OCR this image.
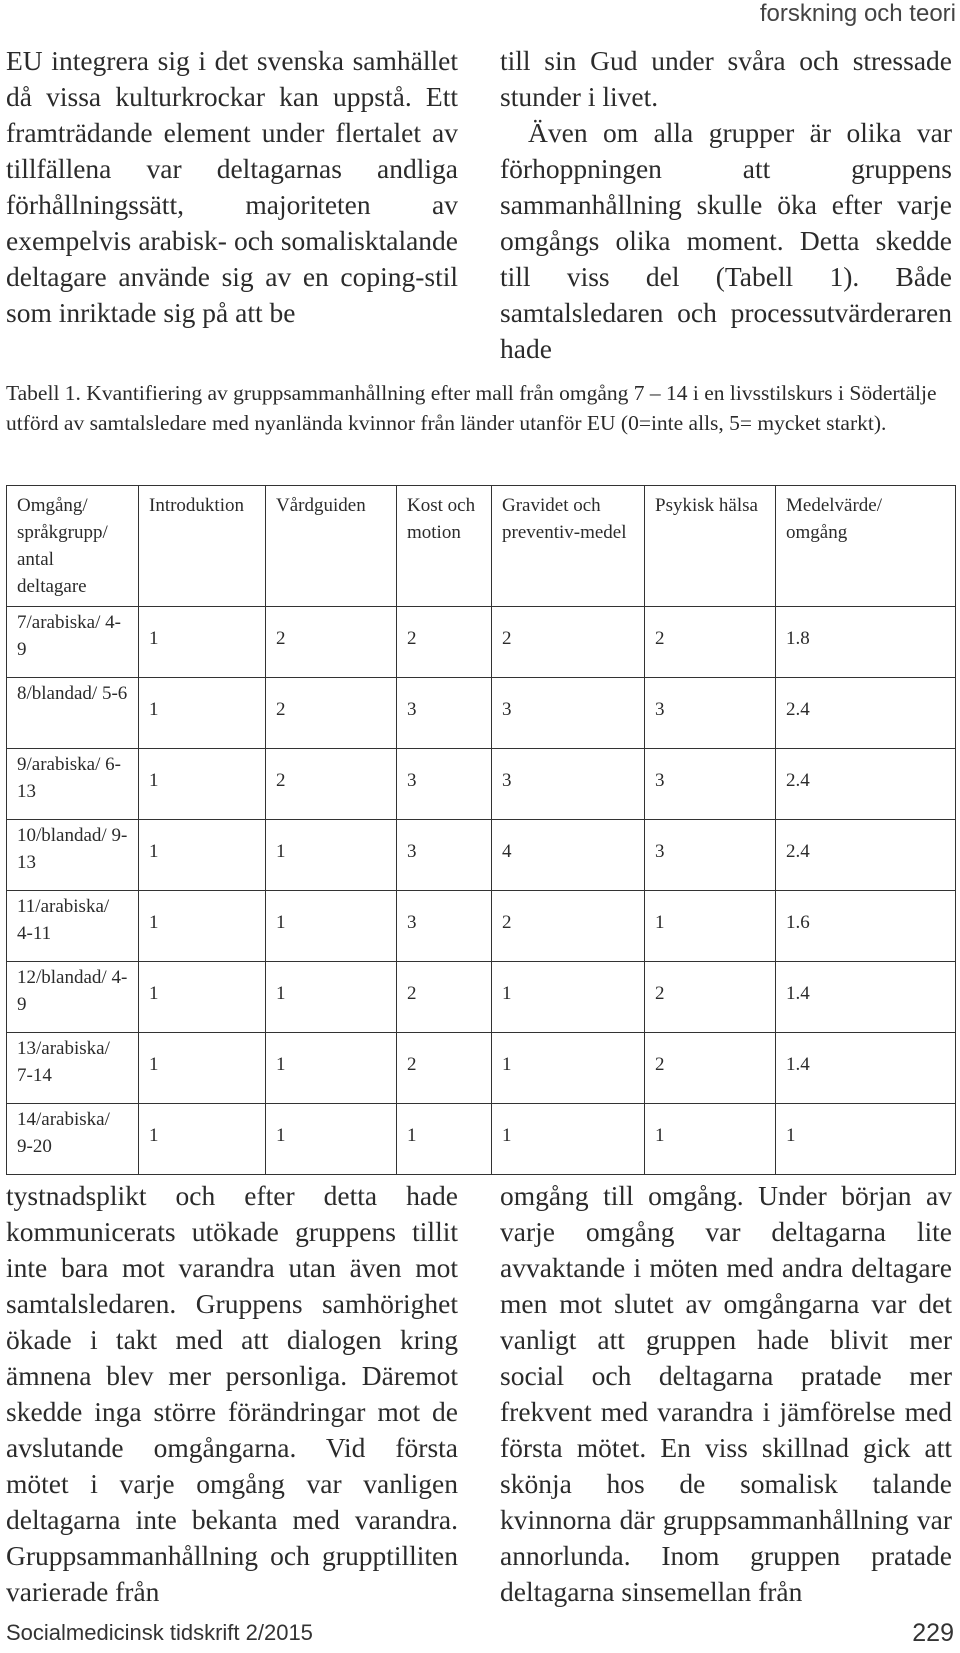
forskning och teori

EU integrera sig i det svenska samhället då vissa kulturkrockar kan uppstå. Ett framträdande element under flertalet av tillfällena var deltagarnas andliga förhållningssätt, majoriteten av exempelvis arabisk- och somalisktalande deltagare använde sig av en coping-stil som inriktade sig på att be

till sin Gud under svåra och stressade stunder i livet.

Även om alla grupper är olika var förhoppningen att gruppens sammanhållning skulle öka efter varje omgångs olika moment. Detta skedde till viss del (Tabell 1). Både samtalsledaren och processutvärderaren hade

Tabell 1. Kvantifiering av gruppsammanhållning efter mall från omgång 7 – 14 i en livsstilskurs i Södertälje utförd av samtalsledare med nyanlända kvinnor från länder utanför EU (0=inte alls, 5= mycket starkt).
Omgång/ språkgrupp/ antal deltagare	Introduktion	Vårdguiden	Kost och motion	Gravidet och preventiv-medel	Psykisk hälsa	Medelvärde/ omgång
7/arabiska/ 4-9	1	2	2	2	2	1.8
8/blandad/ 5-6	1	2	3	3	3	2.4
9/arabiska/ 6-13	1	2	3	3	3	2.4
10/blandad/ 9-13	1	1	3	4	3	2.4
11/arabiska/ 4-11	1	1	3	2	1	1.6
12/blandad/ 4-9	1	1	2	1	2	1.4
13/arabiska/ 7-14	1	1	2	1	2	1.4
14/arabiska/ 9-20	1	1	1	1	1	1

tystnadsplikt och efter detta hade kommunicerats utökade gruppens tillit inte bara mot varandra utan även mot samtalsledaren. Gruppens samhörighet ökade i takt med att dialogen kring ämnena blev mer personliga. Däremot skedde inga större förändringar mot de avslutande omgångarna. Vid första mötet i varje omgång var vanligen deltagarna inte bekanta med varandra. Gruppsammanhållning och grupptilliten varierade från

omgång till omgång. Under början av varje omgång var deltagarna lite avvaktande i möten med andra deltagare men mot slutet av omgångarna var det vanligt att gruppen hade blivit mer social och deltagarna pratade mer frekvent med varandra i jämförelse med första mötet. En viss skillnad gick att skönja hos de somalisk talande kvinnorna där gruppsammanhållning var annorlunda. Inom gruppen pratade deltagarna sinsemellan från

Socialmedicinsk tidskrift 2/2015	229
